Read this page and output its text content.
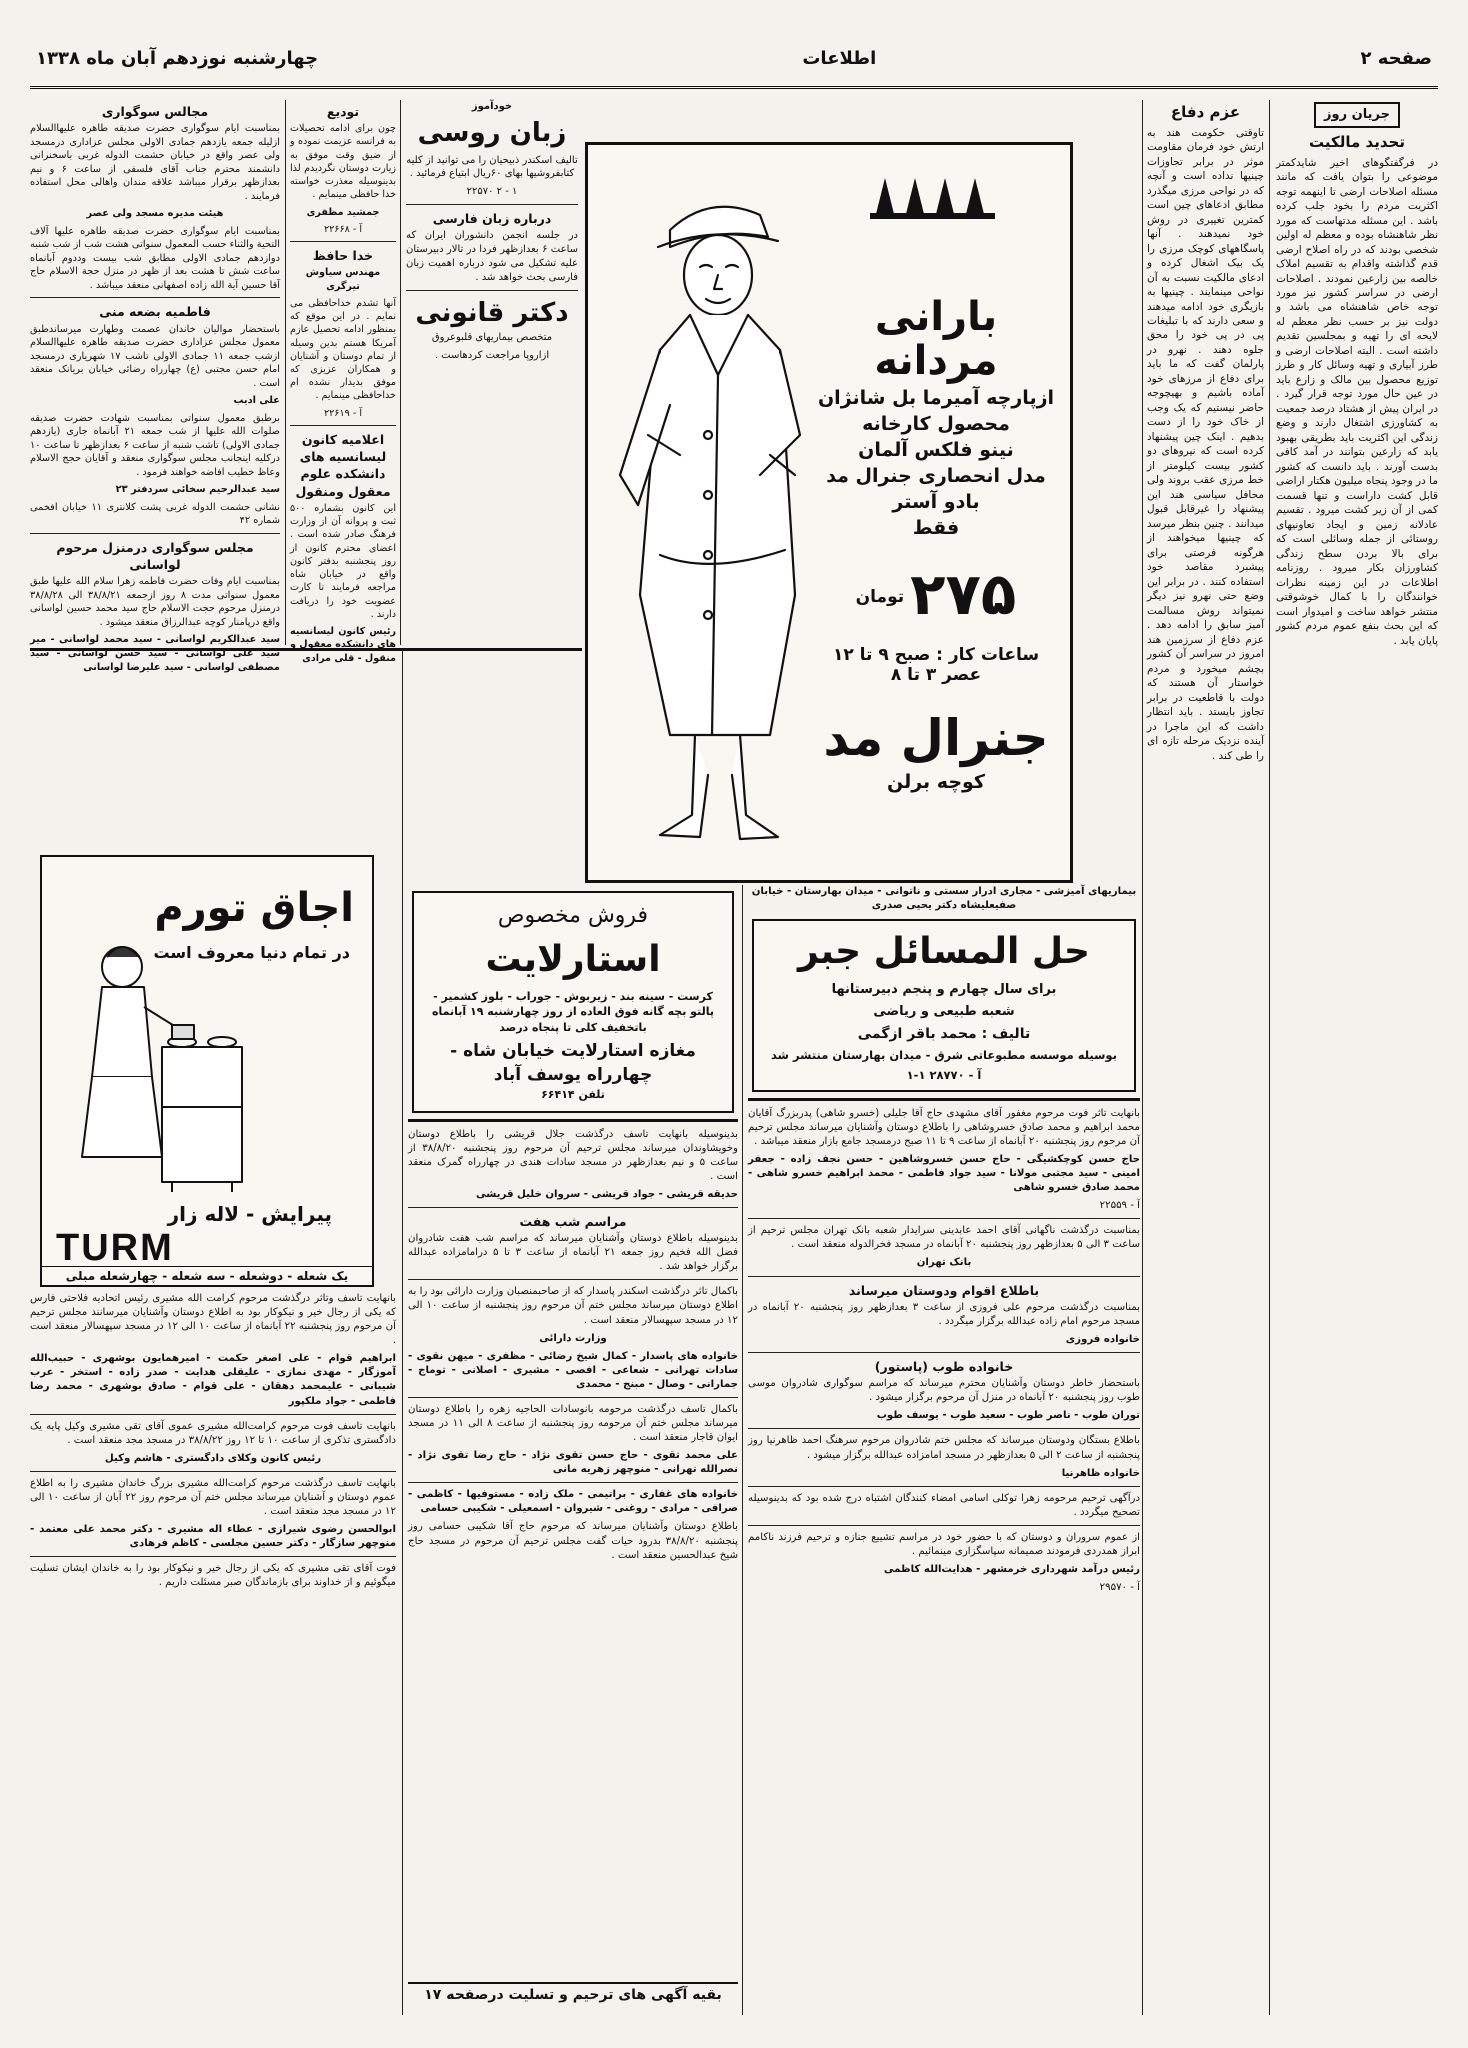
صفحه ۲
اطلاعات
چهارشنبه نوزدهم آبان ماه ۱۳۳۸
جریان روز
تحدید مالکیت

در فرگفتگوهای اخیر شایدکمتر موضوعی را بتوان یافت که مانند مسئله اصلاحات ارضی تا اینهمه توجه اکثریت مردم را بخود جلب کرده باشد . این مسئله مدتهاست که مورد نظر شاهنشاه بوده و معظم له اولین شخصی بودند که در راه اصلاح ارضی قدم گذاشته واقدام به تقسیم املاک خالصه بین زارعین نمودند . اصلاحات ارضی در سراسر کشور نیز مورد توجه خاص شاهنشاه می باشد و دولت نیز بر حسب نظر معظم له لایحه ای را تهیه و بمجلسین تقدیم داشته است . البته اصلاحات ارضی و طرز آبیاری و تهیه وسائل کار و طرز توزیع محصول بین مالک و زارع باید در عین حال مورد توجه قرار گیرد . در ایران پیش از هشتاد درصد جمعیت به کشاورزی اشتغال دارند و وضع زندگی این اکثریت باید بطریقی بهبود یابد که زارعین بتوانند در آمد کافی بدست آورند . باید دانست که کشور ما در وجود پنجاه میلیون هکتار اراضی قابل کشت داراست و تنها قسمت کمی از آن زیر کشت میرود . تقسیم عادلانه زمین و ایجاد تعاونیهای روستائی از جمله وسائلی است که برای بالا بردن سطح زندگی کشاورزان بکار میرود . روزنامه اطلاعات در این زمینه نظرات خوانندگان را با کمال خوشوقتی منتشر خواهد ساخت و امیدوار است که این بحث بنفع عموم مردم کشور پایان یابد .

عزم دفاع

تاوقتی حکومت هند به ارتش خود فرمان مقاومت موثر در برابر تجاوزات چینیها نداده است و آنچه که در نواحی مرزی میگذرد مطابق ادعاهای چین است کمترین تغییری در روش خود نمیدهند . آنها پاسگاههای کوچک مرزی را یک بیک اشغال کرده و ادعای مالکیت نسبت به آن نواحی مینمایند . چینیها به بازیگری خود ادامه میدهند و سعی دارند که با تبلیغات پی در پی خود را محق جلوه دهند . نهرو در پارلمان گفت که ما باید برای دفاع از مرزهای خود آماده باشیم و بهیچوجه حاضر نیستیم که یک وجب از خاک خود را از دست بدهیم . اینک چین پیشنهاد کرده است که نیروهای دو کشور بیست کیلومتر از خط مرزی عقب بروند ولی محافل سیاسی هند این پیشنهاد را غیرقابل قبول میدانند . چنین بنظر میرسد که چینیها میخواهند از هرگونه فرصتی برای پیشبرد مقاصد خود استفاده کنند . در برابر این وضع حتی نهرو نیز دیگر نمیتواند روش مسالمت آمیز سابق را ادامه دهد . عزم دفاع از سرزمین هند امروز در سراسر آن کشور بچشم میخورد و مردم خواستار آن هستند که دولت با قاطعیت در برابر تجاوز بایستد . باید انتظار داشت که این ماجرا در آینده نزدیک مرحله تازه ای را طی کند .

بارانی مردانه
ازپارچه آمیرما بل شانژان
محصول کارخانه
نینو فلکس آلمان
مدل انحصاری جنرال مد
بادو آستر
فقط
۲۷۵تومان
ساعات کار : صبح ۹ تا ۱۲
عصر ۳ تا ۸
جنرال مد
کوچه برلن
تودیع

چون برای ادامه تحصیلات به فرانسه عزیمت نموده و از ضیق وقت موفق به زیارت دوستان نگردیدم لذا بدینوسیله معذرت خواسته خدا حافظی مینمایم .

جمشید مظفری

آ - ۲۲۶۶۸

خدا حافظ

مهندس سیاوش تیرگری

آنها تشدم خداحافظی می نمایم . در این موقع که بمنظور ادامه تحصیل عازم آمریکا هستم بدین وسیله از تمام دوستان و آشنایان و همکاران عزیزی که موفق بدیدار نشده ام خداحافظی مینمایم .

آ - ۲۲۶۱۹

اعلامیه کانون لیسانسیه های دانشکده علوم معقول ومنقول

این کانون بشماره ۵۰۰ ثبت و پروانه آن از وزارت فرهنگ صادر شده است . اعضای محترم کانون از روز پنجشنبه بدفتر کانون واقع در خیابان شاه مراجعه فرمایند تا کارت عضویت خود را دریافت دارند .

رئیس کانون لیسانسیه های دانشکده معقول و منقول - قلی مرادی

خودآموز
زبان روسی

تالیف اسکندر ذبیحیان را می توانید از کلیه کتابفروشیها بهای ۶۰ریال ابتیاع فرمائید .

۱ - ۲ ۲۲۵۷۰

درباره زبان فارسی

در جلسه انجمن دانشوران ایران که ساعت ۶ بعدازظهر فردا در تالار دبیرستان علیه تشکیل می شود درباره اهمیت زبان فارسی بحث خواهد شد .

دکتر قانونی

متخصص بیماریهای قلبوعروق

ازاروپا مراجعت کردهاست .

مجالس سوگواری

بمناسبت ایام سوگواری حضرت صدیقه طاهره علیهاالسلام ازلیله جمعه یازدهم جمادی الاولی مجلس عزاداری درمسجد ولی عصر واقع در خیابان حشمت الدوله غربی باسخنرانی دانشمند محترم جناب آقای فلسفی از ساعت ۶ و نیم بعدازظهر برقرار میباشد علاقه مندان واهالی محل استفاده فرمایند .

هیئت مدیره مسجد ولی عصر

بمناسبت ایام سوگواری حضرت صدیقه طاهره علیها آلاف التحیة والثناء حسب المعمول سنواتی هشت شب از شب شنبه دوازدهم جمادی الاولی مطابق شب بیست وددوم آبانماه ساعت شش تا هشت بعد از ظهر در منزل حجة الاسلام حاج آقا حسین آیة الله زاده اصفهانی منعقد میباشد .

فاطمیه بضعه منی

باستحضار موالیان خاندان عصمت وطهارت میرساندطبق معمول مجلس عزاداری حضرت صدیقه طاهره علیهاالسلام ازشب جمعه ۱۱ جمادی الاولی تاشب ۱۷ شهریاری درمسجد امام حسن مجتبی (ع) چهارراه رضائی خیابان بریانک منعقد است .

علی ادیب

برطبق معمول سنواتی بمناسبت شهادت حضرت صدیقه صلوات الله علیها از شب جمعه ۲۱ آبانماه جاری (یازدهم جمادی الاولی) تاشب شنبه از ساعت ۶ بعدازظهر تا ساعت ۱۰ درکلیه اینجانب مجلس سوگواری منعقد و آقایان حجج الاسلام وعاظ خطیب افاضه خواهند فرمود .

سید عبدالرحیم سخائی سردفتر ۲۳

نشانی حشمت الدوله غربی پشت کلانتری ۱۱ خیابان افخمی شماره ۴۲

مجلس سوگواری درمنزل مرحوم لواسانی

بمناسبت ایام وفات حضرت فاطمه زهرا سلام الله علیها طبق معمول سنواتی مدت ۸ روز ازجمعه ۳۸/۸/۲۱ الی ۳۸/۸/۲۸ درمنزل مرحوم حجت الاسلام حاج سید محمد حسین لواسانی واقع درپامنار کوچه عبدالرزاق منعقد میشود .

سید عبدالکریم لواسانی - سید محمد لواسانی - میر سید علی لواسانی - سید حسن لواسانی - سید مصطفی لواسانی - سید علیرضا لواسانی

اجاق تورم
در تمام دنیا معروف است
پیرایش - لاله زار
TURM
یک شعله - دوشعله - سه شعله - چهارشعله مبلی

بانهایت تاسف وتاثر درگذشت مرحوم کرامت الله مشیری رئیس اتحادیه فلاحتی فارس که یکی از رجال خیر و نیکوکار بود به اطلاع دوستان وآشنایان میرسانند مجلس ترحیم آن مرحوم روز پنجشنبه ۲۲ آبانماه از ساعت ۱۰ الی ۱۲ در مسجد سپهسالار منعقد است .

ابراهیم قوام - علی اصغر حکمت - امیرهمایون بوشهری - حبیب‌الله آموزگار - مهدی نمازی - علیقلی هدایت - صدر زاده - استخر - عرب شیبانی - علیمحمد دهقان - علی قوام - صادق بوشهری - محمد رضا فاطمی - جواد ملکپور

بانهایت تاسف فوت مرحوم کرامت‌الله مشیری عموی آقای تقی مشیری وکیل پایه یک دادگستری تذکری از ساعت ۱۰ تا ۱۲ روز ۳۸/۸/۲۲ در مسجد مجد منعقد است .

رئیس کانون وکلای دادگستری - هاشم وکیل

بانهایت تاسف درگذشت مرحوم کرامت‌الله مشیری بزرگ خاندان مشیری را به اطلاع عموم دوستان و آشنایان میرساند مجلس ختم آن مرحوم روز ۲۲ آبان از ساعت ۱۰ الی ۱۲ در مسجد مجد منعقد است .

ابوالحسن رضوی شیرازی - عطاء اله مشیری - دکتر محمد علی معتمد - منوچهر سازگار - دکتر حسین مجلسی - کاظم فرهادی

فوت آقای تقی مشیری که یکی از رجال خیر و نیکوکار بود را به خاندان ایشان تسلیت میگوئیم و از خداوند برای بازماندگان صبر مسئلت داریم .

فروش مخصوص
استارلایت
کرست - سینه بند - زیربوش - جوراب - بلوز کشمیر - پالتو بچه گانه فوق العاده از روز چهارشنبه ۱۹ آبانماه باتخفیف کلی تا پنجاه درصد
مغازه استارلایت خیابان شاه - چهارراه یوسف آباد
تلفن ۶۶۴۱۴

بدینوسیله بانهایت تاسف درگذشت جلال قریشی را باطلاع دوستان وخویشاوندان میرساند مجلس ترحیم آن مرحوم روز پنجشنبه ۳۸/۸/۲۰ از ساعت ۵ و نیم بعدازظهر در مسجد سادات هندی در چهارراه گمرک منعقد است .

حدیقه قریشی - جواد قریشی - سروان خلیل قریشی

مراسم شب هفت

بدینوسیله باطلاع دوستان وآشنایان میرساند که مراسم شب هفت شادروان فضل الله فخیم روز جمعه ۲۱ آبانماه از ساعت ۳ تا ۵ درامامزاده عبدالله برگزار خواهد شد .

باکمال تاثر درگذشت اسکندر پاسدار که از صاحبمنصبان وزارت دارائی بود را به اطلاع دوستان میرساند مجلس ختم آن مرحوم روز پنجشنبه از ساعت ۱۰ الی ۱۲ در مسجد سپهسالار منعقد است .

وزارت دارائی

خانواده های پاسدار - کمال شیخ رضائی - مظفری - میهن نقوی - سادات تهرانی - شعاعی - افصی - مشیری - اصلانی - توماج - جمارانی - وصال - مبنج - محمدی

باکمال تاسف درگذشت مرحومه بانوسادات الحاجیه زهره را باطلاع دوستان میرساند مجلس ختم آن مرحومه روز پنجشنبه از ساعت ۸ الی ۱۱ در مسجد ایوان قاجار منعقد است .

علی محمد تقوی - حاج حسن تقوی نژاد - حاج رضا تقوی نژاد - نصرالله تهرانی - منوچهر زهریه مانی

خانواده های غفاری - براتیمی - ملک زاده - مستوفیها - کاظمی - صرافی - مرادی - روغنی - شیروان - اسمعیلی - شکیبی حسامی

باطلاع دوستان وآشنایان میرساند که مرحوم حاج آقا شکیبی حسامی روز پنجشنبه ۳۸/۸/۲۰ بدرود حیات گفت مجلس ترحیم آن مرحوم در مسجد حاج شیخ عبدالحسین منعقد است .

بقیه آگهی های ترحیم و تسلیت درصفحه ۱۷

بیماریهای آمیزشی - مجاری ادرار سستی و ناتوانی - میدان بهارستان - خیابان صفیعلیشاه دکتر یحیی صدری

حل المسائل جبر
برای سال چهارم و پنجم دبیرستانها
شعبه طبیعی و ریاضی
تالیف : محمد باقر ازگمی
بوسیله موسسه مطبوعاتی شرق - میدان بهارستان منتشر شد
آ - ۲۸۷۷۰ ۱-۱

بانهایت تاثر فوت مرحوم مغفور آقای مشهدی حاج آقا جلیلی (خسرو شاهی) پدربزرگ آقایان محمد ابراهیم و محمد صادق خسروشاهی را باطلاع دوستان وآشنایان میرساند مجلس ترحیم آن مرحوم روز پنجشنبه ۲۰ آبانماه از ساعت ۹ تا ۱۱ صبح درمسجد جامع بازار منعقد میباشد .

حاج حسن کوچکشیگی - حاج حسن خسروشاهین - حسن نجف زاده - جعفر امینی - سید مجتبی مولانا - سید جواد فاطمی - محمد ابراهیم خسرو شاهی - محمد صادق خسرو شاهی

آ - ۲۲۵۵۹

بمناسبت درگذشت ناگهانی آقای احمد عابدینی سرایدار شعبه بانک تهران مجلس ترحیم از ساعت ۳ الی ۵ بعدازظهر روز پنجشنبه ۲۰ آبانماه در مسجد فخرالدوله منعقد است .

بانک تهران

باطلاع اقوام ودوستان میرساند

بمناسبت درگذشت مرحوم علی فروزی از ساعت ۳ بعدازظهر روز پنجشنبه ۲۰ آبانماه در مسجد مرحوم امام زاده عبدالله برگزار میگردد .

خانواده فروزی

خانواده طوب (پاستور)

باستحضار خاطر دوستان وآشنایان محترم میرساند که مراسم سوگواری شادروان موسی طوب روز پنجشنبه ۲۰ آبانماه در منزل آن مرحوم برگزار میشود .

توران طوب - ناصر طوب - سعید طوب - یوسف طوب

باطلاع بستگان ودوستان میرساند که مجلس ختم شادروان مرحوم سرهنگ احمد ظاهرنیا روز پنجشنبه از ساعت ۲ الی ۵ بعدازظهر در مسجد امامزاده عبدالله برگزار میشود .

خانواده ظاهرنیا

درآگهی ترحیم مرحومه زهرا توکلی اسامی امضاء کنندگان اشتباه درج شده بود که بدینوسیله تصحیح میگردد .

از عموم سروران و دوستان که با حضور خود در مراسم تشییع جنازه و ترحیم فرزند ناکامم ابراز همدردی فرمودند صمیمانه سپاسگزاری مینمائیم .

رئیس درآمد شهرداری خرمشهر - هدایت‌الله کاظمی

آ - ۲۹۵۷۰
